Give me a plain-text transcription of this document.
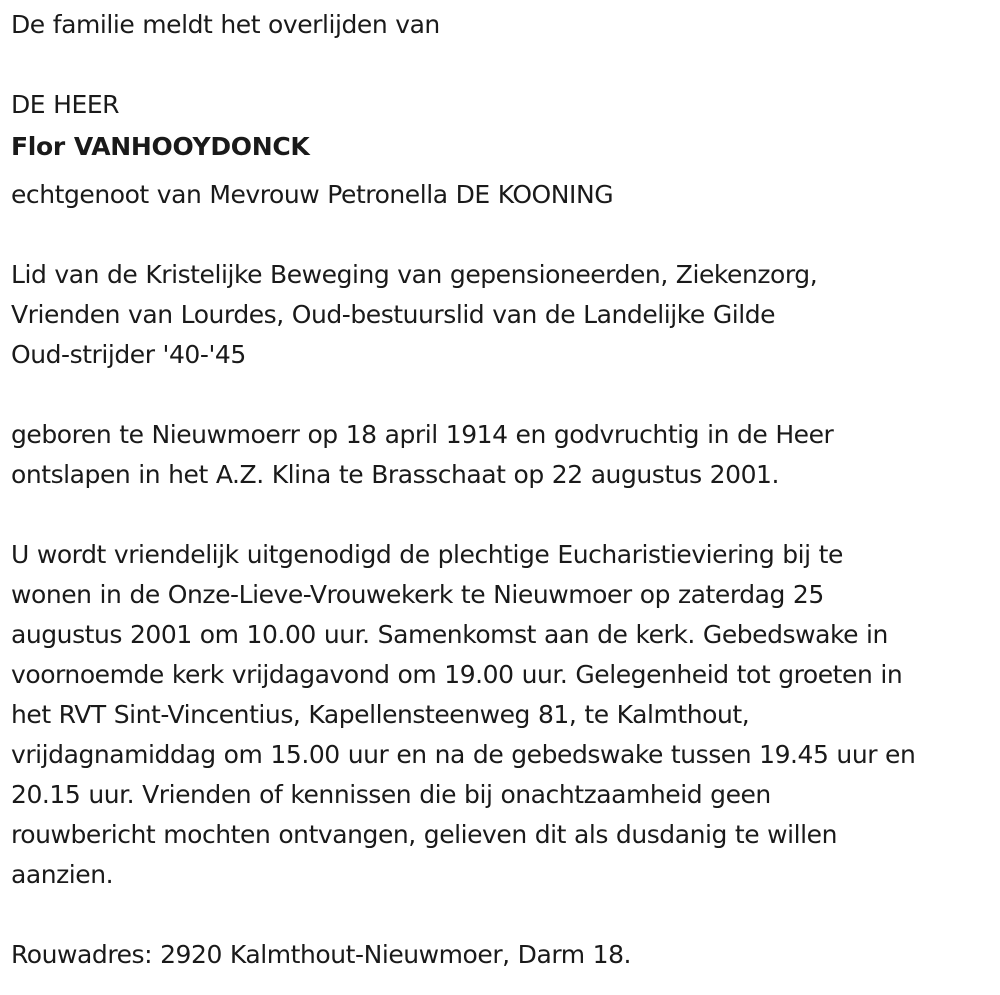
De familie meldt het overlijden van
DE HEER
Flor VANHOOYDONCK
echtgenoot van Mevrouw Petronella DE KOONING
Lid van de Kristelijke Beweging van gepensioneerden, Ziekenzorg,
Vrienden van Lourdes, Oud-bestuurslid van de Landelijke Gilde
Oud-strijder '40-'45
geboren te Nieuwmoerr op 18 april 1914 en godvruchtig in de Heer
ontslapen in het A.Z. Klina te Brasschaat op 22 augustus 2001.
U wordt vriendelijk uitgenodigd de plechtige Eucharistieviering bij te
wonen in de Onze-Lieve-Vrouwekerk te Nieuwmoer op zaterdag 25
augustus 2001 om 10.00 uur. Samenkomst aan de kerk. Gebedswake in
voornoemde kerk vrijdagavond om 19.00 uur. Gelegenheid tot groeten in
het RVT Sint-Vincentius, Kapellensteenweg 81, te Kalmthout,
vrijdagnamiddag om 15.00 uur en na de gebedswake tussen 19.45 uur en
20.15 uur. Vrienden of kennissen die bij onachtzaamheid geen
rouwbericht mochten ontvangen, gelieven dit als dusdanig te willen
aanzien.
Rouwadres: 2920 Kalmthout-Nieuwmoer, Darm 18.
